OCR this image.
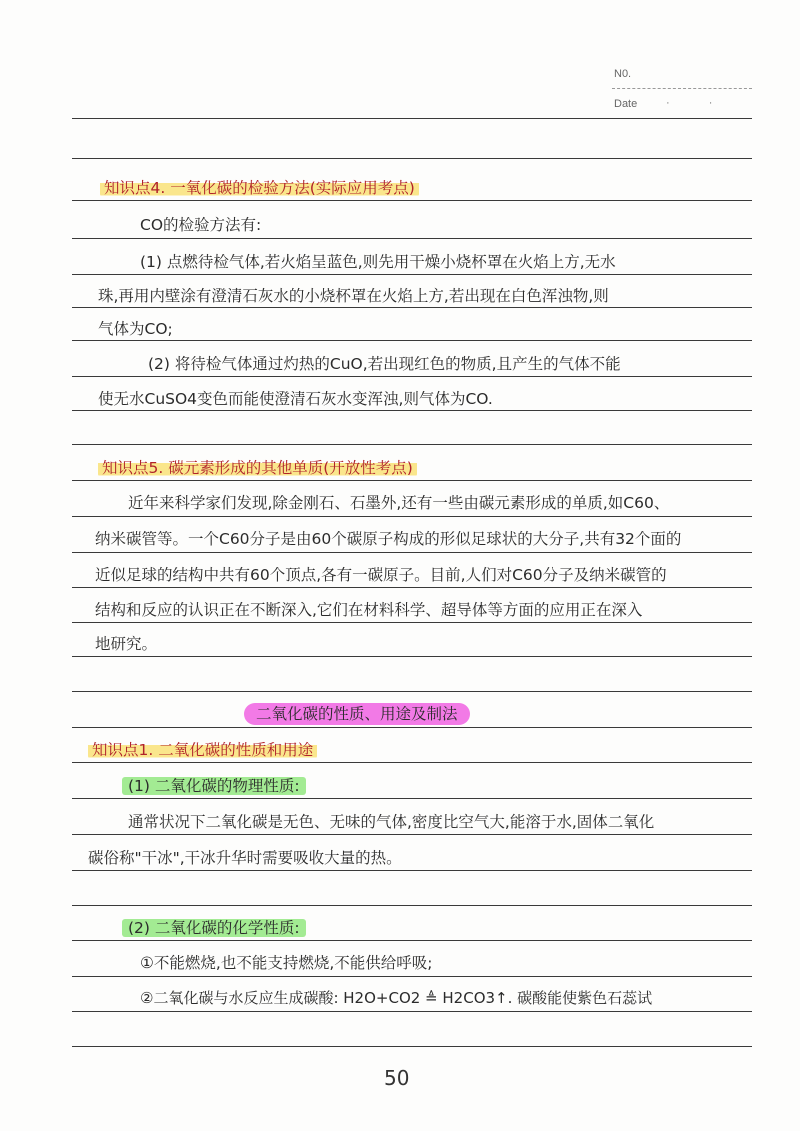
N0.
Date	· ·
知识点4. 一氧化碳的检验方法(实际应用考点)
CO的检验方法有:
(1) 点燃待检气体,若火焰呈蓝色,则先用干燥小烧杯罩在火焰上方,无水
珠,再用内壁涂有澄清石灰水的小烧杯罩在火焰上方,若出现在白色浑浊物,则
气体为CO;
(2) 将待检气体通过灼热的CuO,若出现红色的物质,且产生的气体不能
使无水CuSO4变色而能使澄清石灰水变浑浊,则气体为CO.
知识点5. 碳元素形成的其他单质(开放性考点)
近年来科学家们发现,除金刚石、石墨外,还有一些由碳元素形成的单质,如C60、
纳米碳管等。一个C60分子是由60个碳原子构成的形似足球状的大分子,共有32个面的
近似足球的结构中共有60个顶点,各有一碳原子。目前,人们对C60分子及纳米碳管的
结构和反应的认识正在不断深入,它们在材料科学、超导体等方面的应用正在深入
地研究。
二氧化碳的性质、用途及制法
知识点1. 二氧化碳的性质和用途
(1) 二氧化碳的物理性质:
通常状况下二氧化碳是无色、无味的气体,密度比空气大,能溶于水,固体二氧化
碳俗称"干冰",干冰升华时需要吸收大量的热。
(2) 二氧化碳的化学性质:
①不能燃烧,也不能支持燃烧,不能供给呼吸;
②二氧化碳与水反应生成碳酸: H2O+CO2 ≜ H2CO3↑. 碳酸能使紫色石蕊试
50
